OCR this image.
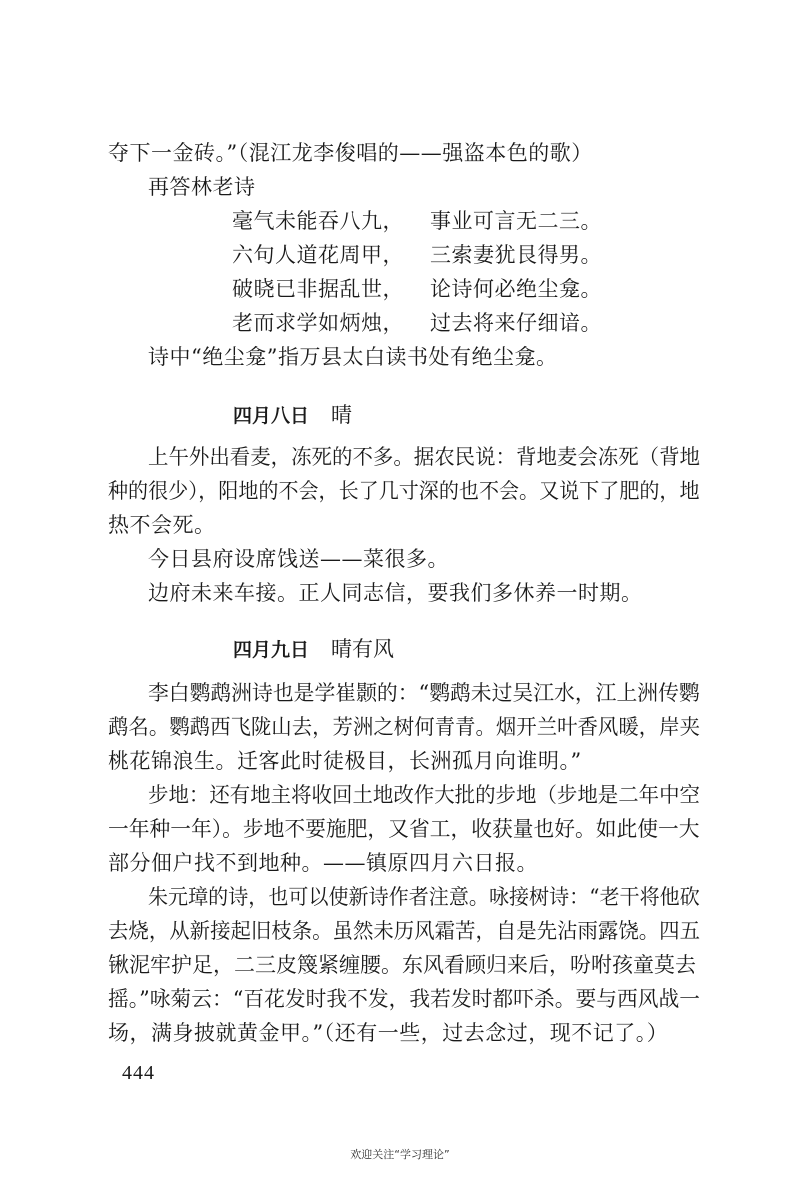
夺下一金砖。”（混江龙李俊唱的——强盗本色的歌）
再答林老诗
毫气未能吞八九， 事业可言无二三。
六句人道花周甲， 三索妻犹艮得男。
破晓已非据乱世， 论诗何必绝尘龛。
老而求学如炳烛， 过去将来仔细谙。
诗中“绝尘龛”指万县太白读书处有绝尘龛。
四月八日 晴
上午外出看麦，冻死的不多。据农民说：背地麦会冻死（背地
种的很少），阳地的不会，长了几寸深的也不会。又说下了肥的，地
热不会死。
今日县府设席饯送——菜很多。
边府未来车接。正人同志信，要我们多休养一时期。
四月九日 晴有风
李白鹦鹉洲诗也是学崔颢的：“鹦鹉未过吴江水，江上洲传鹦
鹉名。鹦鹉西飞陇山去，芳洲之树何青青。烟开兰叶香风暖，岸夹
桃花锦浪生。迁客此时徒极目，长洲孤月向谁明。”
步地：还有地主将收回土地改作大批的步地（步地是二年中空
一年种一年）。步地不要施肥，又省工，收获量也好。如此使一大
部分佃户找不到地种。——镇原四月六日报。
朱元璋的诗，也可以使新诗作者注意。咏接树诗：“老干将他砍
去烧，从新接起旧枝条。虽然未历风霜苦，自是先沾雨露饶。四五
锹泥牢护足，二三皮篾紧缠腰。东风看顾归来后，吩咐孩童莫去
摇。”咏菊云：“百花发时我不发，我若发时都吓杀。要与西风战一
场，满身披就黄金甲。”（还有一些，过去念过，现不记了。）
444
欢迎关注“学习理论”
